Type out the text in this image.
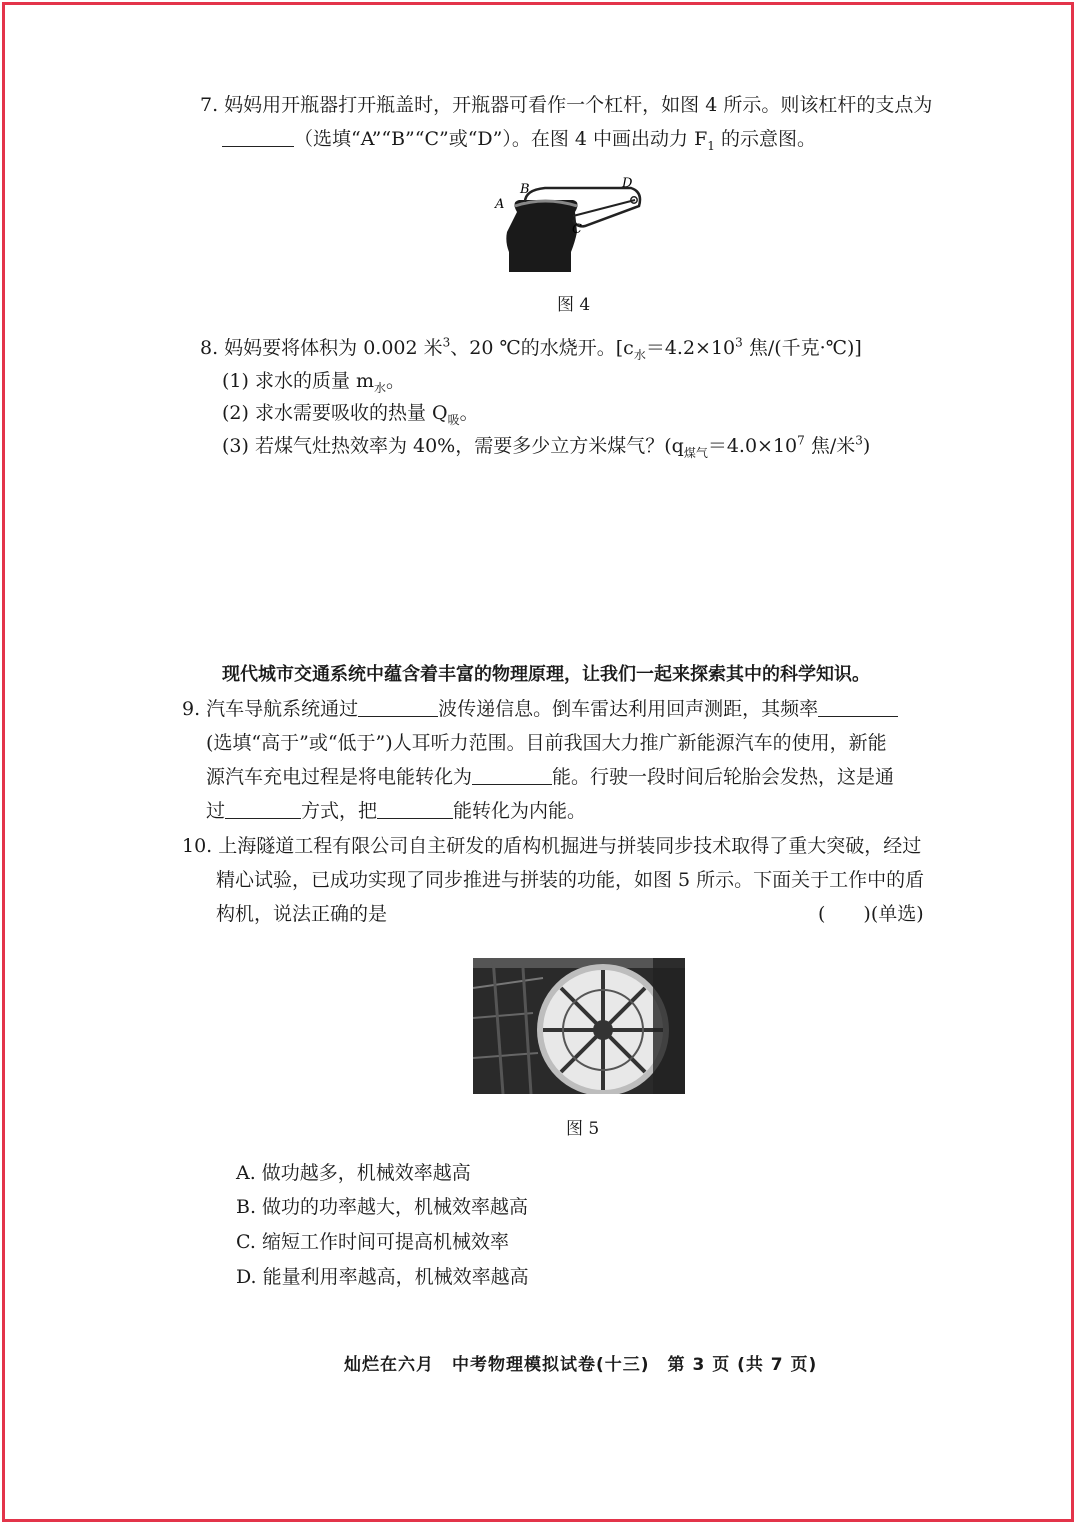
7. 妈妈用开瓶器打开瓶盖时，开瓶器可看作一个杠杆，如图 4 所示。则该杠杆的支点为
（选填“A”“B”“C”或“D”）。在图 4 中画出动力 $F_1$ 的示意图。
A
B
C
D
图 4
8. 妈妈要将体积为 0.002 米$^3$、20 ℃的水烧开。[$c_水=4.2\times 10^3$ 焦/(千克·℃)]
(1) 求水的质量 $m_水$。
(2) 求水需要吸收的热量 $Q_吸$。
(3) 若煤气灶热效率为 40%，需要多少立方米煤气？($q_{煤气}=4.0\times 10^7$ 焦/米$^3$)
现代城市交通系统中蕴含着丰富的物理原理，让我们一起来探索其中的科学知识。
9. 汽车导航系统通过	波传递信息。倒车雷达利用回声测距，其频率
(选填“高于”或“低于”)人耳听力范围。目前我国大力推广新能源汽车的使用，新能
源汽车充电过程是将电能转化为	能。行驶一段时间后轮胎会发热，这是通
过	方式，把	能转化为内能。
10. 上海隧道工程有限公司自主研发的盾构机掘进与拼装同步技术取得了重大突破，经过
精心试验，已成功实现了同步推进与拼装的功能，如图 5 所示。下面关于工作中的盾
构机，说法正确的是	(　　)(单选)
图 5
A. 做功越多，机械效率越高
B. 做功的功率越大，机械效率越高
C. 缩短工作时间可提高机械效率
D. 能量利用率越高，机械效率越高
灿烂在六月　中考物理模拟试卷(十三)　第 3 页 (共 7 页)
